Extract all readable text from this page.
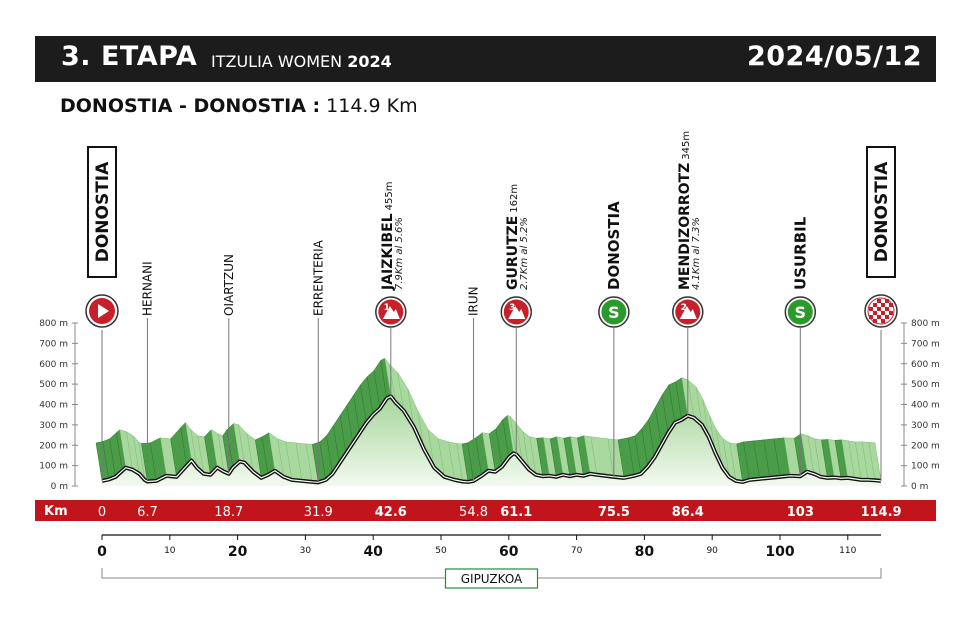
3. ETAPA ITZULIA WOMEN 2024	2024/05/12
DONOSTIA - DONOSTIA : 114.9 Km
0 m	0 m
100 m	100 m
200 m	200 m
300 m	300 m
400 m	400 m
500 m	500 m
600 m	600 m
700 m	700 m
800 m	800 m
Km 0 6.7	18.7	31.9	42.6	54.8 61.1	75.5	86.4	103	114.9
0	10	20	30	40	50	60	70	80	90	100	110
GIPUZKOA
DONOSTIA
HERNANI	OIARTZUN	ERRENTERIA	JAIZKIBEL455m
7.9Km al 5.6%
1	IRUN
GURUTZE162m
2.7Km al 5.2%
3
DONOSTIA
S
MENDIZORROTZ345m
4.1Km al 7.3%
2
USURBIL
S
DONOSTIA
